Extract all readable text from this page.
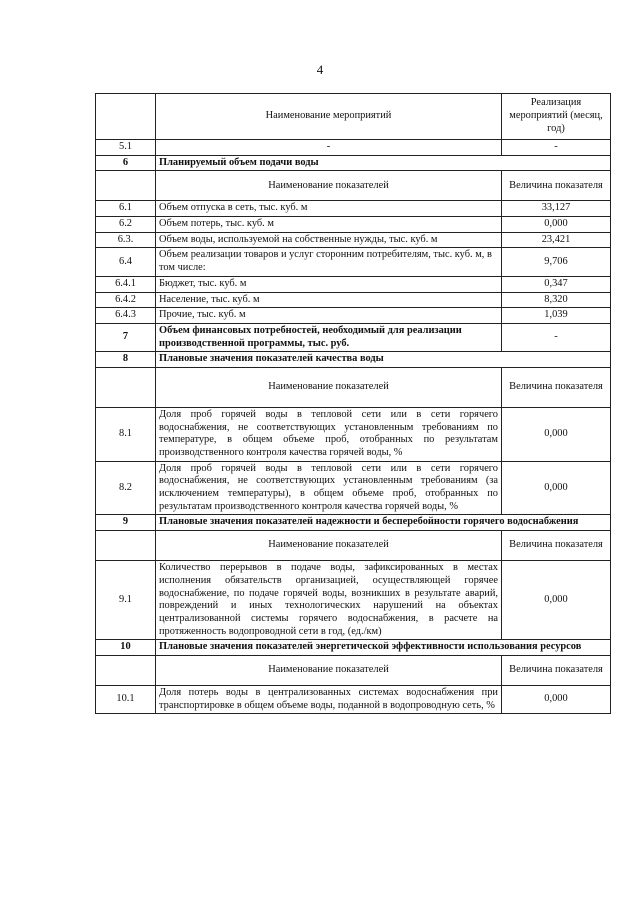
4
	Наименование мероприятий	Реализация мероприятий (месяц, год)
5.1	-	-
6	Планируемый объем подачи воды	
	Наименование показателей	Величина показателя
6.1	Объем отпуска в сеть, тыс. куб. м	33,127
6.2	Объем потерь, тыс. куб. м	0,000
6.3.	Объем воды, используемой на собственные нужды, тыс. куб. м	23,421
6.4	Объем реализации товаров и услуг сторонним потребителям, тыс. куб. м, в том числе:	9,706
6.4.1	Бюджет, тыс. куб. м	0,347
6.4.2	Население, тыс. куб. м	8,320
6.4.3	Прочие, тыс. куб. м	1,039
7	Объем финансовых потребностей, необходимый для реализации производственной программы, тыс. руб.	-
8	Плановые значения показателей качества воды	
	Наименование показателей	Величина показателя
8.1	Доля проб горячей воды в тепловой сети или в сети горячего водоснабжения, не соответствующих установленным требованиям по температуре, в общем объеме проб, отобранных по результатам производственного контроля качества горячей воды, %	0,000
8.2	Доля проб горячей воды в тепловой сети или в сети горячего водоснабжения, не соответствующих установленным требованиям (за исключением температуры), в общем объеме проб, отобранных по результатам производственного контроля качества горячей воды, %	0,000
9	Плановые значения показателей надежности и бесперебойности горячего водоснабжения	
	Наименование показателей	Величина показателя
9.1	Количество перерывов в подаче воды, зафиксированных в местах исполнения обязательств организацией, осуществляющей горячее водоснабжение, по подаче горячей воды, возникших в результате аварий, повреждений и иных технологических нарушений на объектах централизованной системы горячего водоснабжения, в расчете на протяженность водопроводной сети в год, (ед./км)	0,000
10	Плановые значения показателей энергетической эффективности использования ресурсов	
	Наименование показателей	Величина показателя
10.1	Доля потерь воды в централизованных системах водоснабжения при транспортировке в общем объеме воды, поданной в водопроводную сеть, %	0,000
